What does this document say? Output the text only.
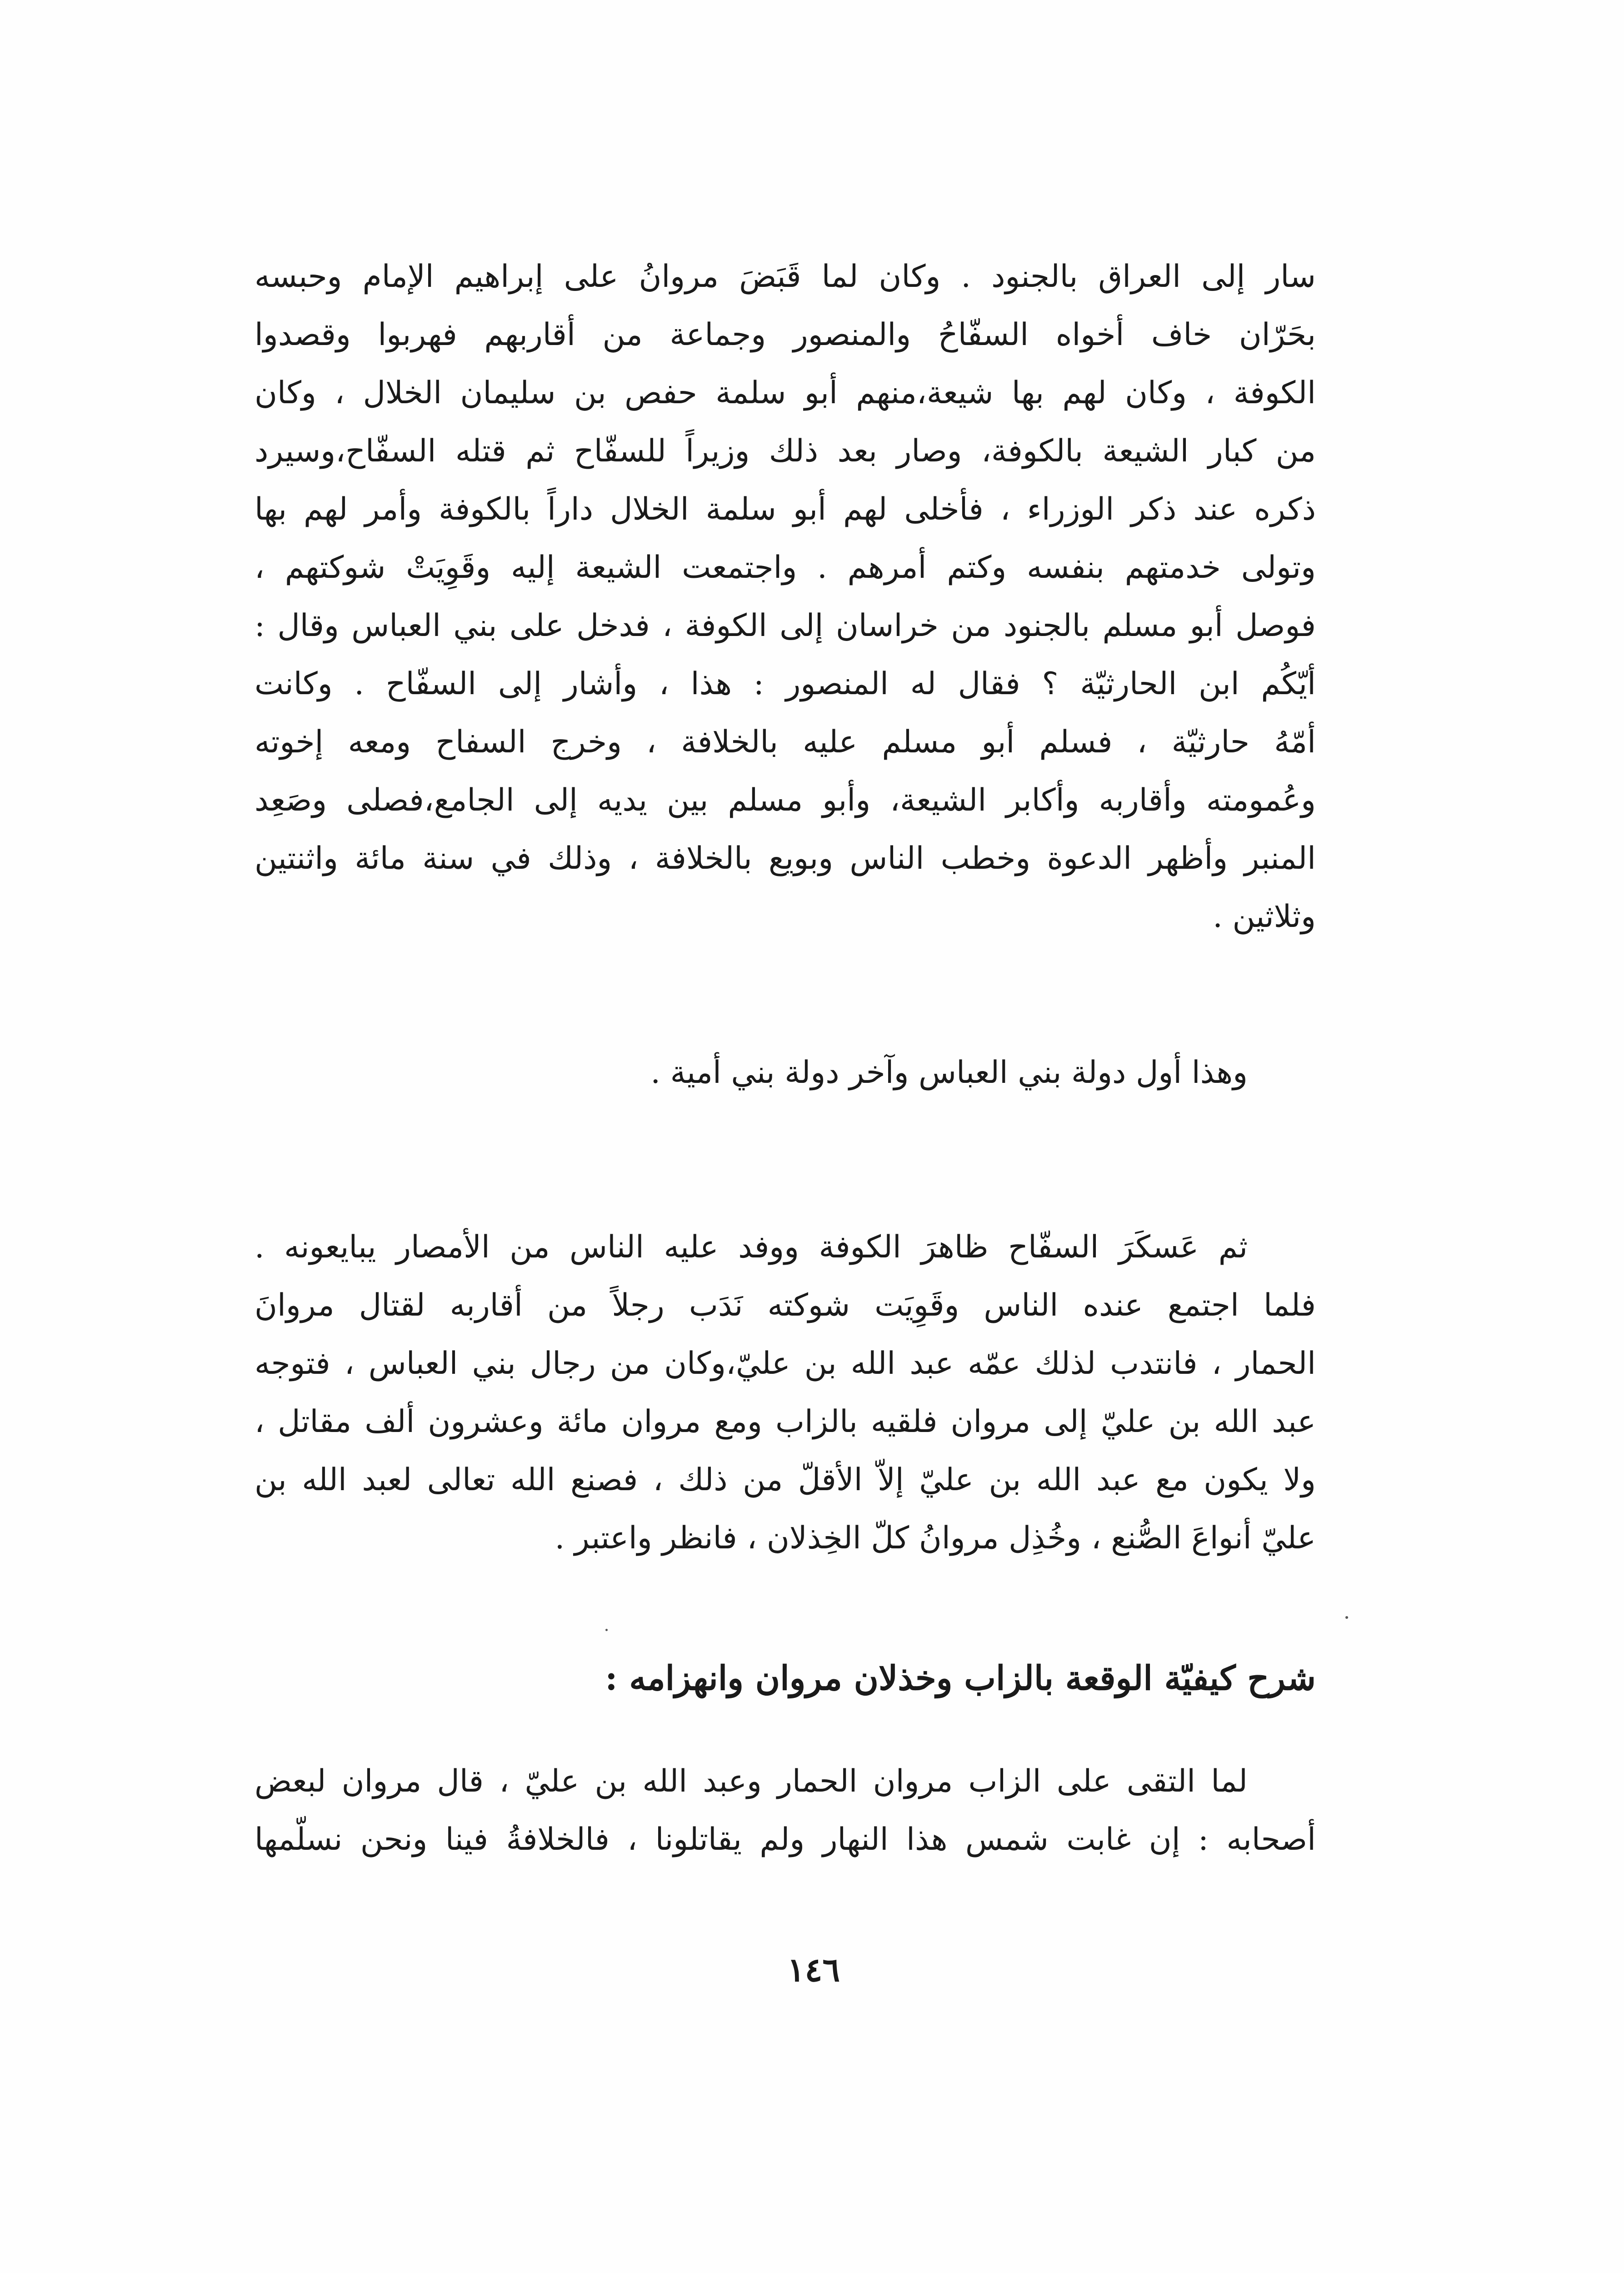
سار إلى العراق بالجنود . وكان لما قَبَضَ مروانُ على إبراهيم الإمام وحبسه
بحَرّان خاف أخواه السفّاحُ والمنصور وجماعة من أقاربهم فهربوا وقصدوا
الكوفة ، وكان لهم بها شيعة،منهم أبو سلمة حفص بن سليمان الخلال ، وكان
من كبار الشيعة بالكوفة، وصار بعد ذلك وزيراً للسفّاح ثم قتله السفّاح،وسيرد
ذكره عند ذكر الوزراء ، فأخلى لهم أبو سلمة الخلال داراً بالكوفة وأمر لهم بها
وتولى خدمتهم بنفسه وكتم أمرهم . واجتمعت الشيعة إليه وقَوِيَتْ شوكتهم ،
فوصل أبو مسلم بالجنود من خراسان إلى الكوفة ، فدخل على بني العباس وقال :
أيّكُم ابن الحارثيّة ؟ فقال له المنصور : هذا ، وأشار إلى السفّاح . وكانت
أمّهُ حارثيّة ، فسلم أبو مسلم عليه بالخلافة ، وخرج السفاح ومعه إخوته
وعُمومته وأقاربه وأكابر الشيعة، وأبو مسلم بين يديه إلى الجامع،فصلى وصَعِد
المنبر وأظهر الدعوة وخطب الناس وبويع بالخلافة ، وذلك في سنة مائة واثنتين
وثلاثين .
وهذا أول دولة بني العباس وآخر دولة بني أمية .
ثم عَسكَرَ السفّاح ظاهرَ الكوفة ووفد عليه الناس من الأمصار يبايعونه .
فلما اجتمع عنده الناس وقَوِيَت شوكته نَدَب رجلاً من أقاربه لقتال مروانَ
الحمار ، فانتدب لذلك عمّه عبد الله بن عليّ،وكان من رجال بني العباس ، فتوجه
عبد الله بن عليّ إلى مروان فلقيه بالزاب ومع مروان مائة وعشرون ألف مقاتل ،
ولا يكون مع عبد الله بن عليّ إلاّ الأقلّ من ذلك ، فصنع الله تعالى لعبد الله بن
عليّ أنواعَ الصُّنع ، وخُذِل مروانُ كلّ الخِذلان ، فانظر واعتبر .
شرح كيفيّة الوقعة بالزاب وخذلان مروان وانهزامه :
لما التقى على الزاب مروان الحمار وعبد الله بن عليّ ، قال مروان لبعض
أصحابه : إن غابت شمس هذا النهار ولم يقاتلونا ، فالخلافةُ فينا ونحن نسلّمها
١٤٦
